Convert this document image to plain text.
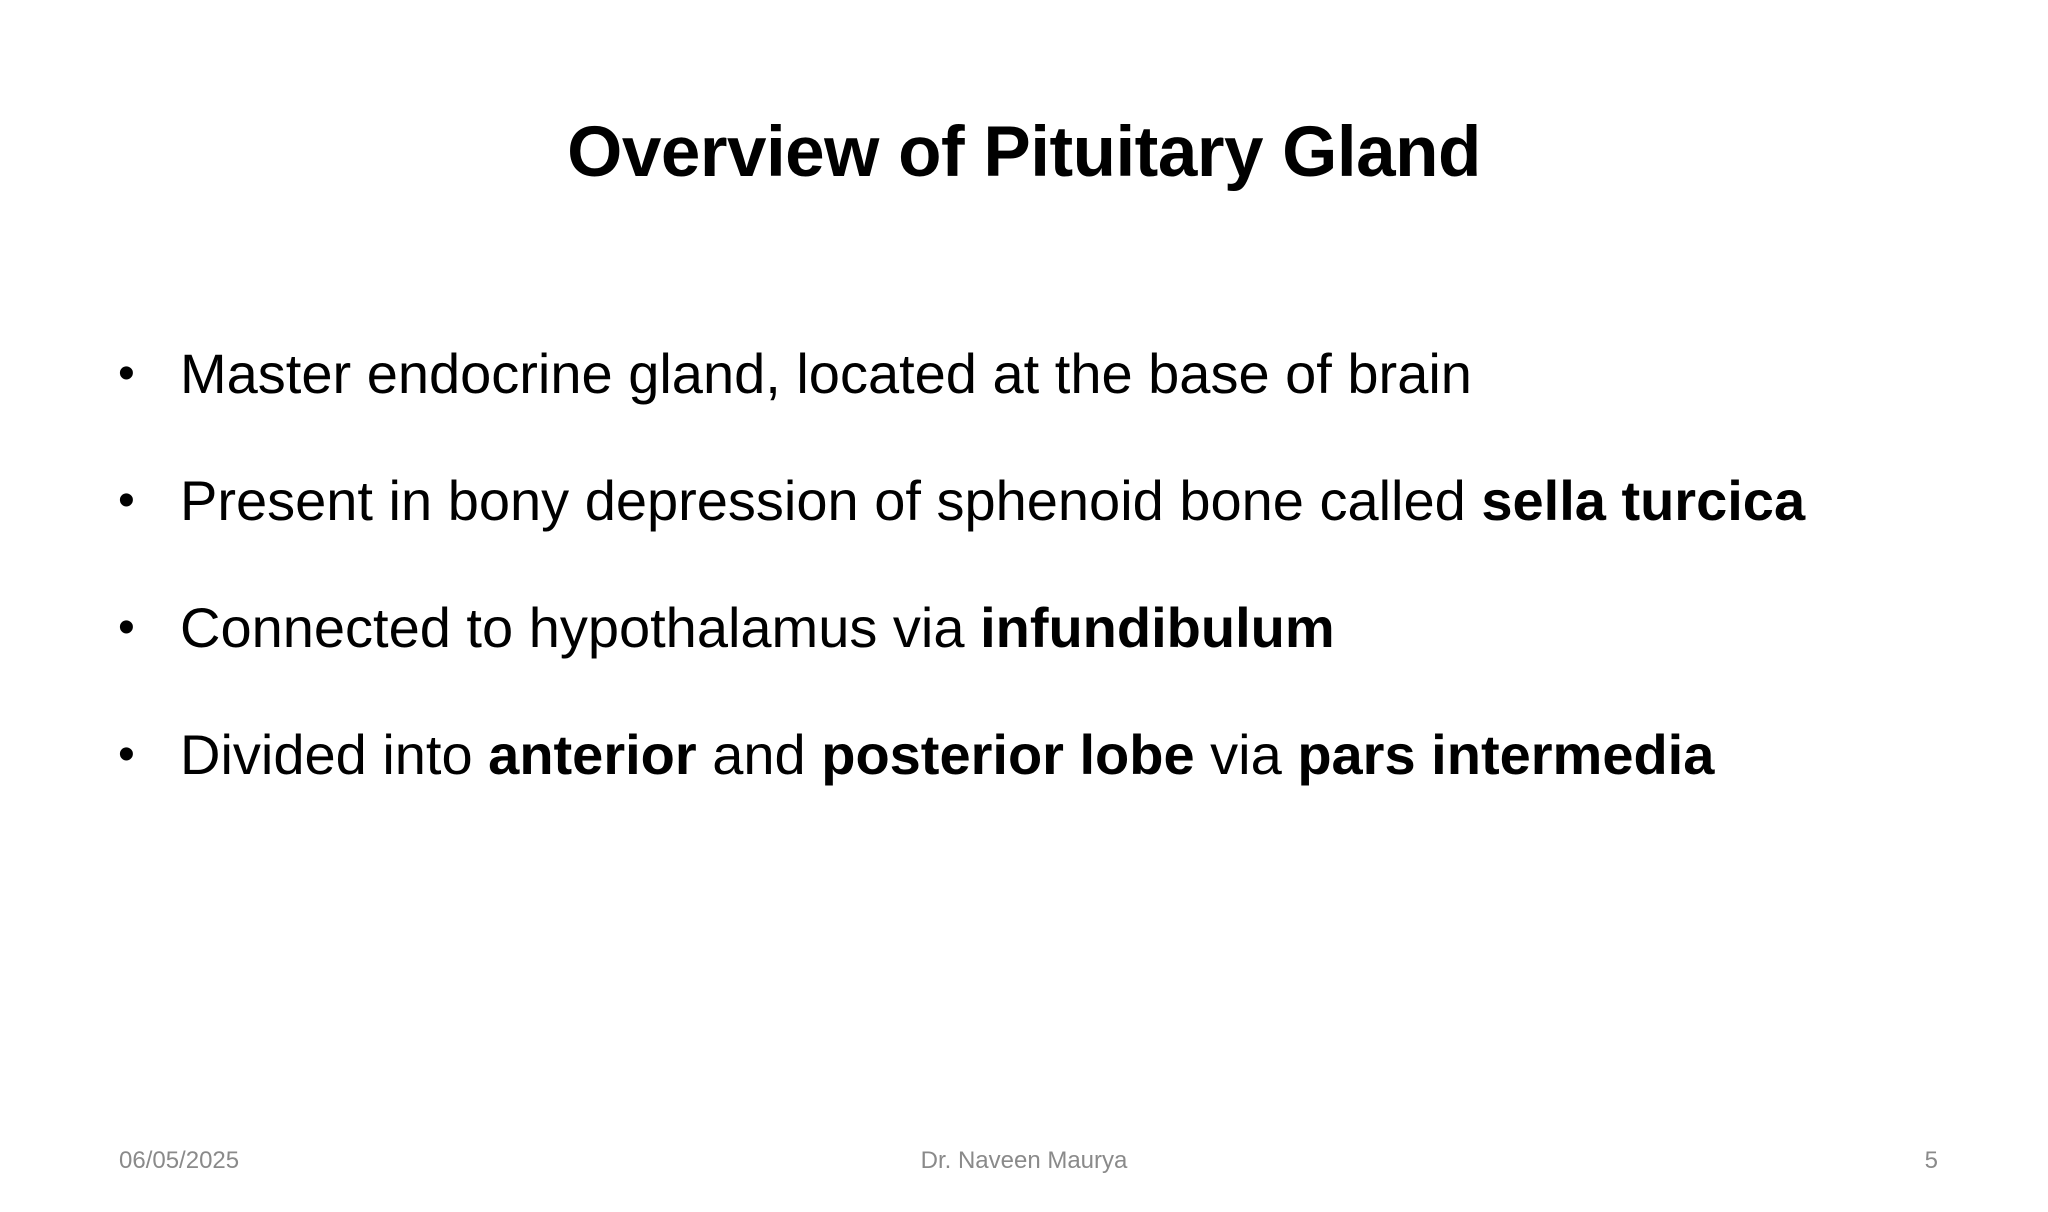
Overview of Pituitary Gland
• Master endocrine gland, located at the base of brain
• Present in bony depression of sphenoid bone called sella turcica
• Connected to hypothalamus via infundibulum
• Divided into anterior and posterior lobe via pars intermedia
Dr. Naveen Maurya
06/05/2025	5
